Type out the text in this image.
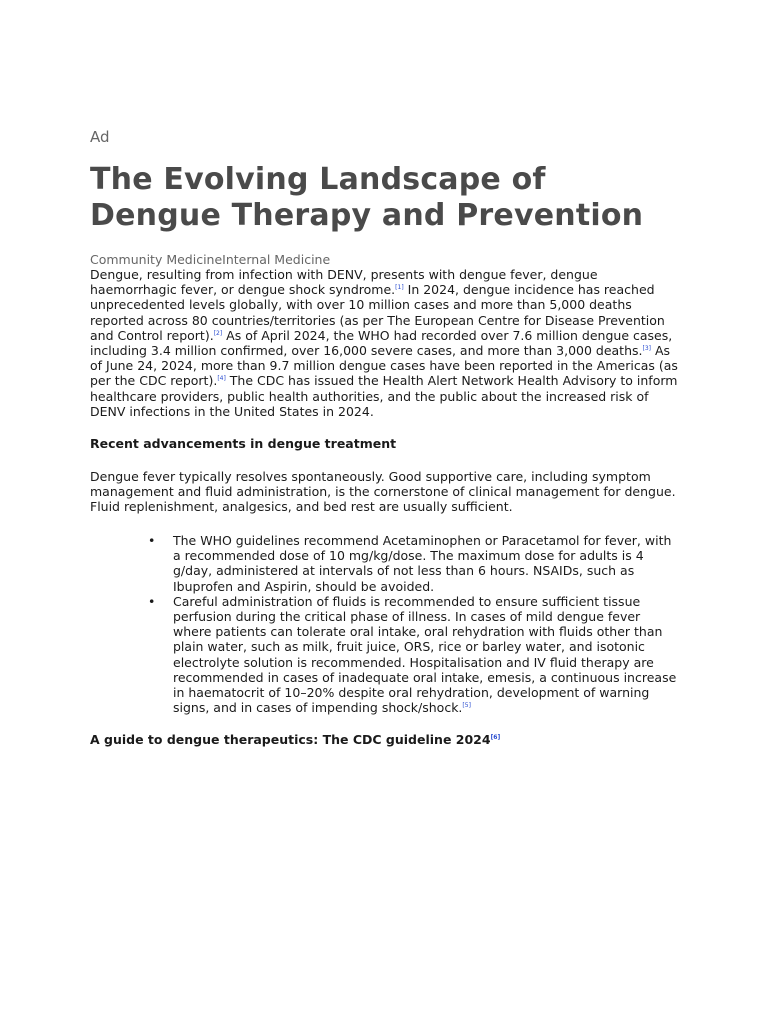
Ad

The Evolving Landscape of
Dengue Therapy and Prevention

Community MedicineInternal Medicine

Dengue, resulting from infection with DENV, presents with dengue fever, dengue haemorrhagic fever, or dengue shock syndrome.[1] In 2024, dengue incidence has reached unprecedented levels globally, with over 10 million cases and more than 5,000 deaths reported across 80 countries/territories (as per The European Centre for Disease Prevention and Control report).[2] As of April 2024, the WHO had recorded over 7.6 million dengue cases, including 3.4 million confirmed, over 16,000 severe cases, and more than 3,000 deaths.[3] As of June 24, 2024, more than 9.7 million dengue cases have been reported in the Americas (as per the CDC report).[4] The CDC has issued the Health Alert Network Health Advisory to inform healthcare providers, public health authorities, and the public about the increased risk of DENV infections in the United States in 2024.

Recent advancements in dengue treatment

Dengue fever typically resolves spontaneously. Good supportive care, including symptom management and fluid administration, is the cornerstone of clinical management for dengue. Fluid replenishment, analgesics, and bed rest are usually sufficient.

• The WHO guidelines recommend Acetaminophen or Paracetamol for fever, with a recommended dose of 10 mg/kg/dose. The maximum dose for adults is 4 g/day, administered at intervals of not less than 6 hours. NSAIDs, such as Ibuprofen and Aspirin, should be avoided.
• Careful administration of fluids is recommended to ensure sufficient tissue perfusion during the critical phase of illness. In cases of mild dengue fever where patients can tolerate oral intake, oral rehydration with fluids other than plain water, such as milk, fruit juice, ORS, rice or barley water, and isotonic electrolyte solution is recommended. Hospitalisation and IV fluid therapy are recommended in cases of inadequate oral intake, emesis, a continuous increase in haematocrit of 10–20% despite oral rehydration, development of warning signs, and in cases of impending shock/shock.[5]
A guide to dengue therapeutics: The CDC guideline 2024[6]
